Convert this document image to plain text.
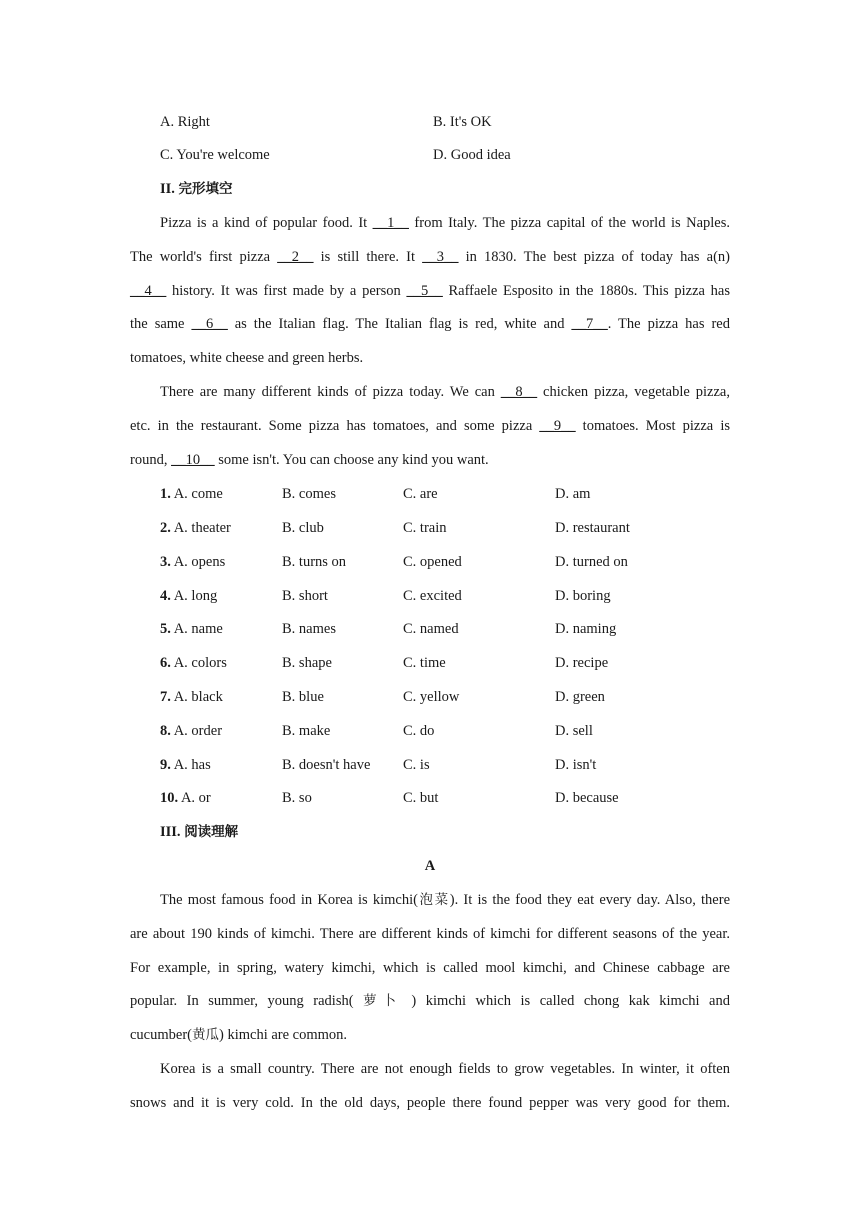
A. Right	B. It's OK
C. You're welcome	D. Good idea
II. 完形填空
Pizza is a kind of popular food. It __1__ from Italy. The pizza capital of the world is Naples.
The world's first pizza __2__ is still there. It __3__ in 1830. The best pizza of today has a(n)
__4__ history. It was first made by a person __5__ Raffaele Esposito in the 1880s. This pizza has
the same __6__ as the Italian flag. The Italian flag is red, white and __7__. The pizza has red
tomatoes, white cheese and green herbs.
There are many different kinds of pizza today. We can __8__ chicken pizza, vegetable pizza,
etc. in the restaurant. Some pizza has tomatoes, and some pizza __9__ tomatoes. Most pizza is
round, __10__ some isn't. You can choose any kind you want.
1. A. come	B. comes	C. are	D. am
2. A. theater	B. club	C. train	D. restaurant
3. A. opens	B. turns on	C. opened	D. turned on
4. A. long	B. short	C. excited	D. boring
5. A. name	B. names	C. named	D. naming
6. A. colors	B. shape	C. time	D. recipe
7. A. black	B. blue	C. yellow	D. green
8. A. order	B. make	C. do	D. sell
9. A. has	B. doesn't have C. is	D. isn't
10. A. or	B. so	C. but	D. because
III. 阅读理解
A
The most famous food in Korea is kimchi(泡菜). It is the food they eat every day. Also, there
are about 190 kinds of kimchi. There are different kinds of kimchi for different seasons of the year.
For example, in spring, watery kimchi, which is called mool kimchi, and Chinese cabbage are
popular. In summer, young radish( 萝卜 ) kimchi which is called chong kak kimchi and
cucumber(黄瓜) kimchi are common.
Korea is a small country. There are not enough fields to grow vegetables. In winter, it often
snows and it is very cold. In the old days, people there found pepper was very good for them.
